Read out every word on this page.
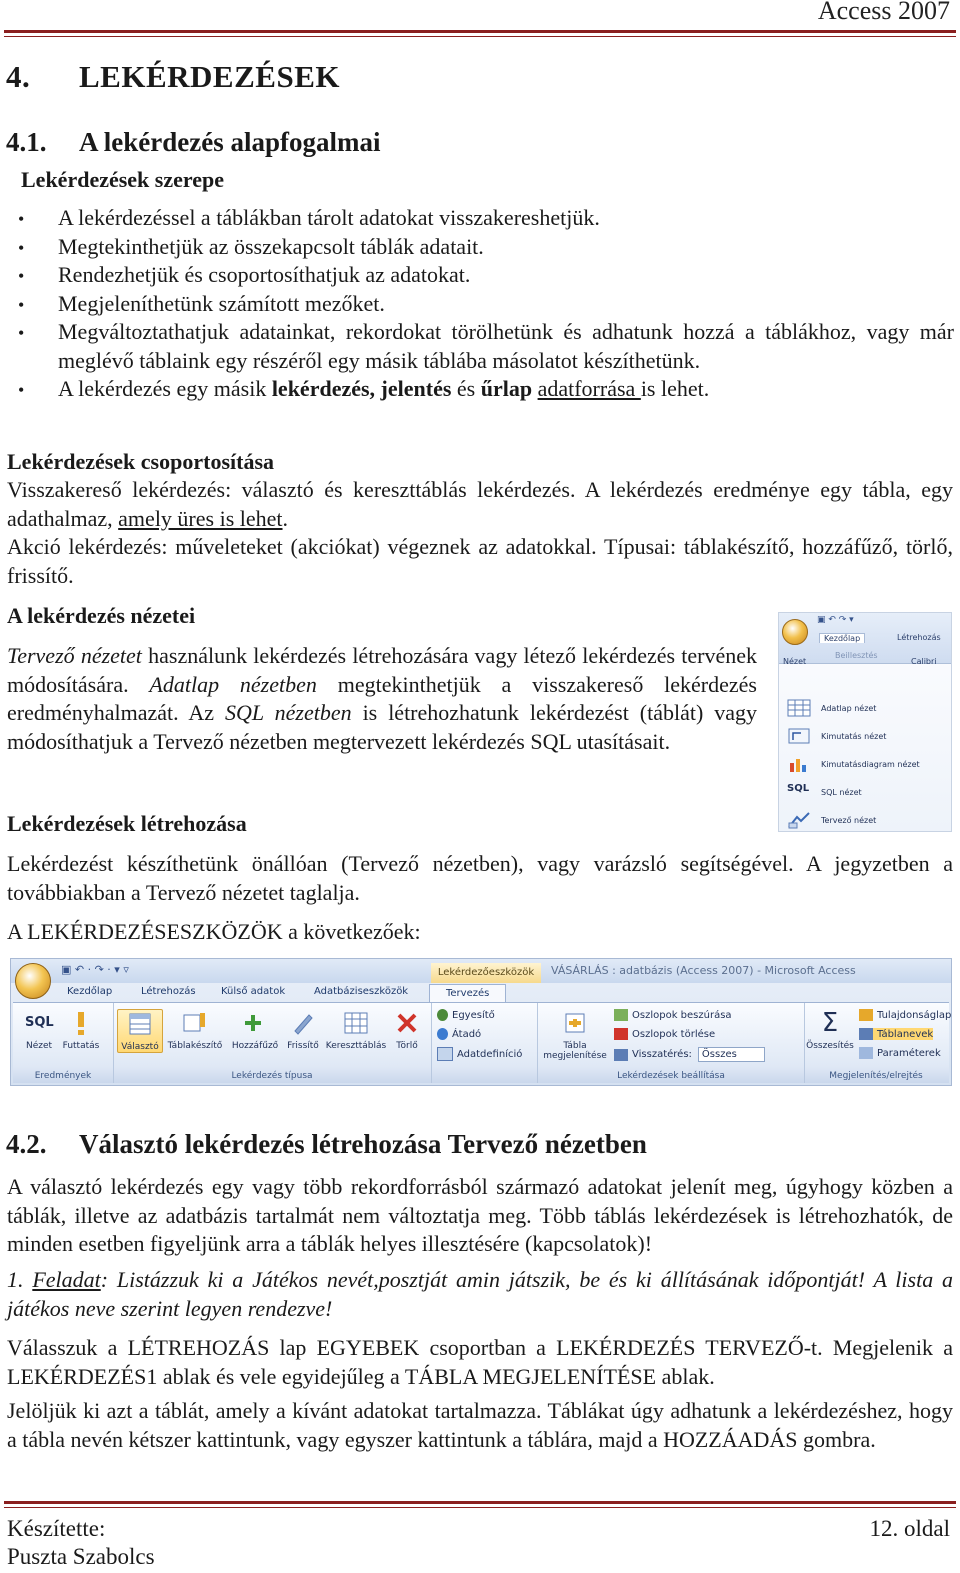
Access 2007
4. LEKÉRDEZÉSEK
4.1. A lekérdezés alapfogalmai
Lekérdezések szerepe
• A lekérdezéssel a táblákban tárolt adatokat visszakereshetjük.
• Megtekinthetjük az összekapcsolt táblák adatait.
• Rendezhetjük és csoportosíthatjuk az adatokat.
• Megjeleníthetünk számított mezőket.
• Megváltoztathatjuk adatainkat, rekordokat törölhetünk és adhatunk hozzá a táblákhoz, vagy már meglévő táblaink egy részéről egy másik táblába másolatot készíthetünk.
• A lekérdezés egy másik lekérdezés, jelentés és űrlap adatforrása is lehet.
Lekérdezések csoportosítása
Visszakereső lekérdezés: választó és kereszttáblás lekérdezés. A lekérdezés eredménye egy tábla, egy adathalmaz, amely üres is lehet.
Akció lekérdezés: műveleteket (akciókat) végeznek az adatokkal. Típusai: táblakészítő, hozzáfűző, törlő, frissítő.
A lekérdezés nézetei
Tervező nézetet használunk lekérdezés létrehozására vagy létező lekérdezés tervének módosítására. Adatlap nézetben megtekinthetjük a visszakereső lekérdezés eredményhalmazát. Az SQL nézetben is létrehozhatunk lekérdezést (táblát) vagy módosíthatjuk a Tervező nézetben megtervezett lekérdezés SQL utasításait.
▣ ↶ ↷ ▾
Kezdőlap	Létrehozás
Beillesztés
Calibri
Nézet
Adatlap nézet
Kimutatás nézet
Kimutatásdiagram nézet
SQL SQL nézet
Tervező nézet
Lekérdezések létrehozása
Lekérdezést készíthetünk önállóan (Tervező nézetben), vagy varázsló segítségével. A jegyzetben a továbbiakban a Tervező nézetet taglalja.
A LEKÉRDEZÉSESZKÖZÖK a következőek:
▣ ↶ · ↷ · ▾ ▿	Lekérdezőeszközök	VÁSÁRLÁS : adatbázis (Access 2007) - Microsoft Access
Kezdőlap	Létrehozás	Külső adatok	Adatbáziseszközök	Tervezés
SQL
Nézet	Futtatás
Eredmények
Választó Táblakészítő	Hozzáfűző	Frissítő Kereszttáblás	Törlő
Lekérdezés típusa
Egyesítő
Átadó
Adatdefiníció
Tábla megjelenítése
Oszlopok beszúrása
Oszlopok törlése
Visszatérés:	Összes
Lekérdezések beállítása
Σ
Összesítés
Tulajdonságlap
Táblanevek
Paraméterek
Megjelenítés/elrejtés
4.2. Választó lekérdezés létrehozása Tervező nézetben
A választó lekérdezés egy vagy több rekordforrásból származó adatokat jelenít meg, úgyhogy közben a táblák, illetve az adatbázis tartalmát nem változtatja meg. Több táblás lekérdezések is létrehozhatók, de minden esetben figyeljünk arra a táblák helyes illesztésére (kapcsolatok)!
1. Feladat: Listázzuk ki a Játékos nevét,posztját amin játszik, be és ki állításának időpontját! A lista a játékos neve szerint legyen rendezve!
Válasszuk a LÉTREHOZÁS lap EGYEBEK csoportban a LEKÉRDEZÉS TERVEZŐ-t. Megjelenik a LEKÉRDEZÉS1 ablak és vele egyidejűleg a TÁBLA MEGJELENÍTÉSE ablak.
Jelöljük ki azt a táblát, amely a kívánt adatokat tartalmazza. Táblákat úgy adhatunk a lekérdezéshez, hogy a tábla nevén kétszer kattintunk, vagy egyszer kattintunk a táblára, majd a HOZZÁADÁS gombra.
Készítette:
Puszta Szabolcs
12. oldal
